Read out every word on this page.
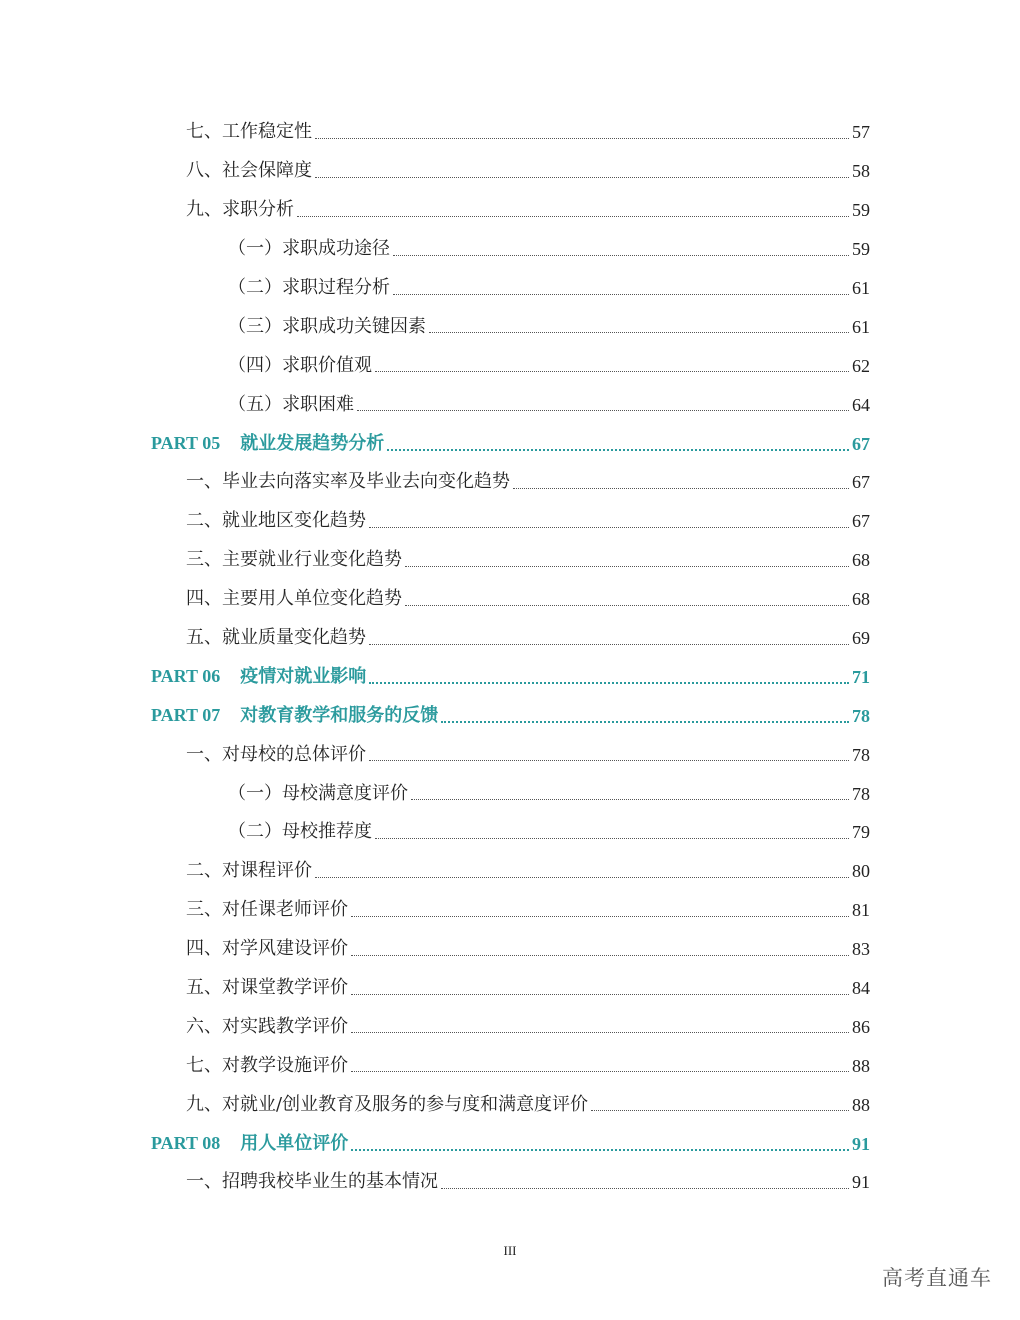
七、工作稳定性	57
八、社会保障度	58
九、求职分析	59
（一）求职成功途径	59
（二）求职过程分析	61
（三）求职成功关键因素	61
（四）求职价值观	62
（五）求职困难	64
PART 05 就业发展趋势分析	67
一、毕业去向落实率及毕业去向变化趋势	67
二、就业地区变化趋势	67
三、主要就业行业变化趋势	68
四、主要用人单位变化趋势	68
五、就业质量变化趋势	69
PART 06 疫情对就业影响	71
PART 07 对教育教学和服务的反馈	78
一、对母校的总体评价	78
（一）母校满意度评价	78
（二）母校推荐度	79
二、对课程评价	80
三、对任课老师评价	81
四、对学风建设评价	83
五、对课堂教学评价	84
六、对实践教学评价	86
七、对教学设施评价	88
九、对就业/创业教育及服务的参与度和满意度评价	88
PART 08 用人单位评价	91
一、招聘我校毕业生的基本情况	91
III
高考直通车
